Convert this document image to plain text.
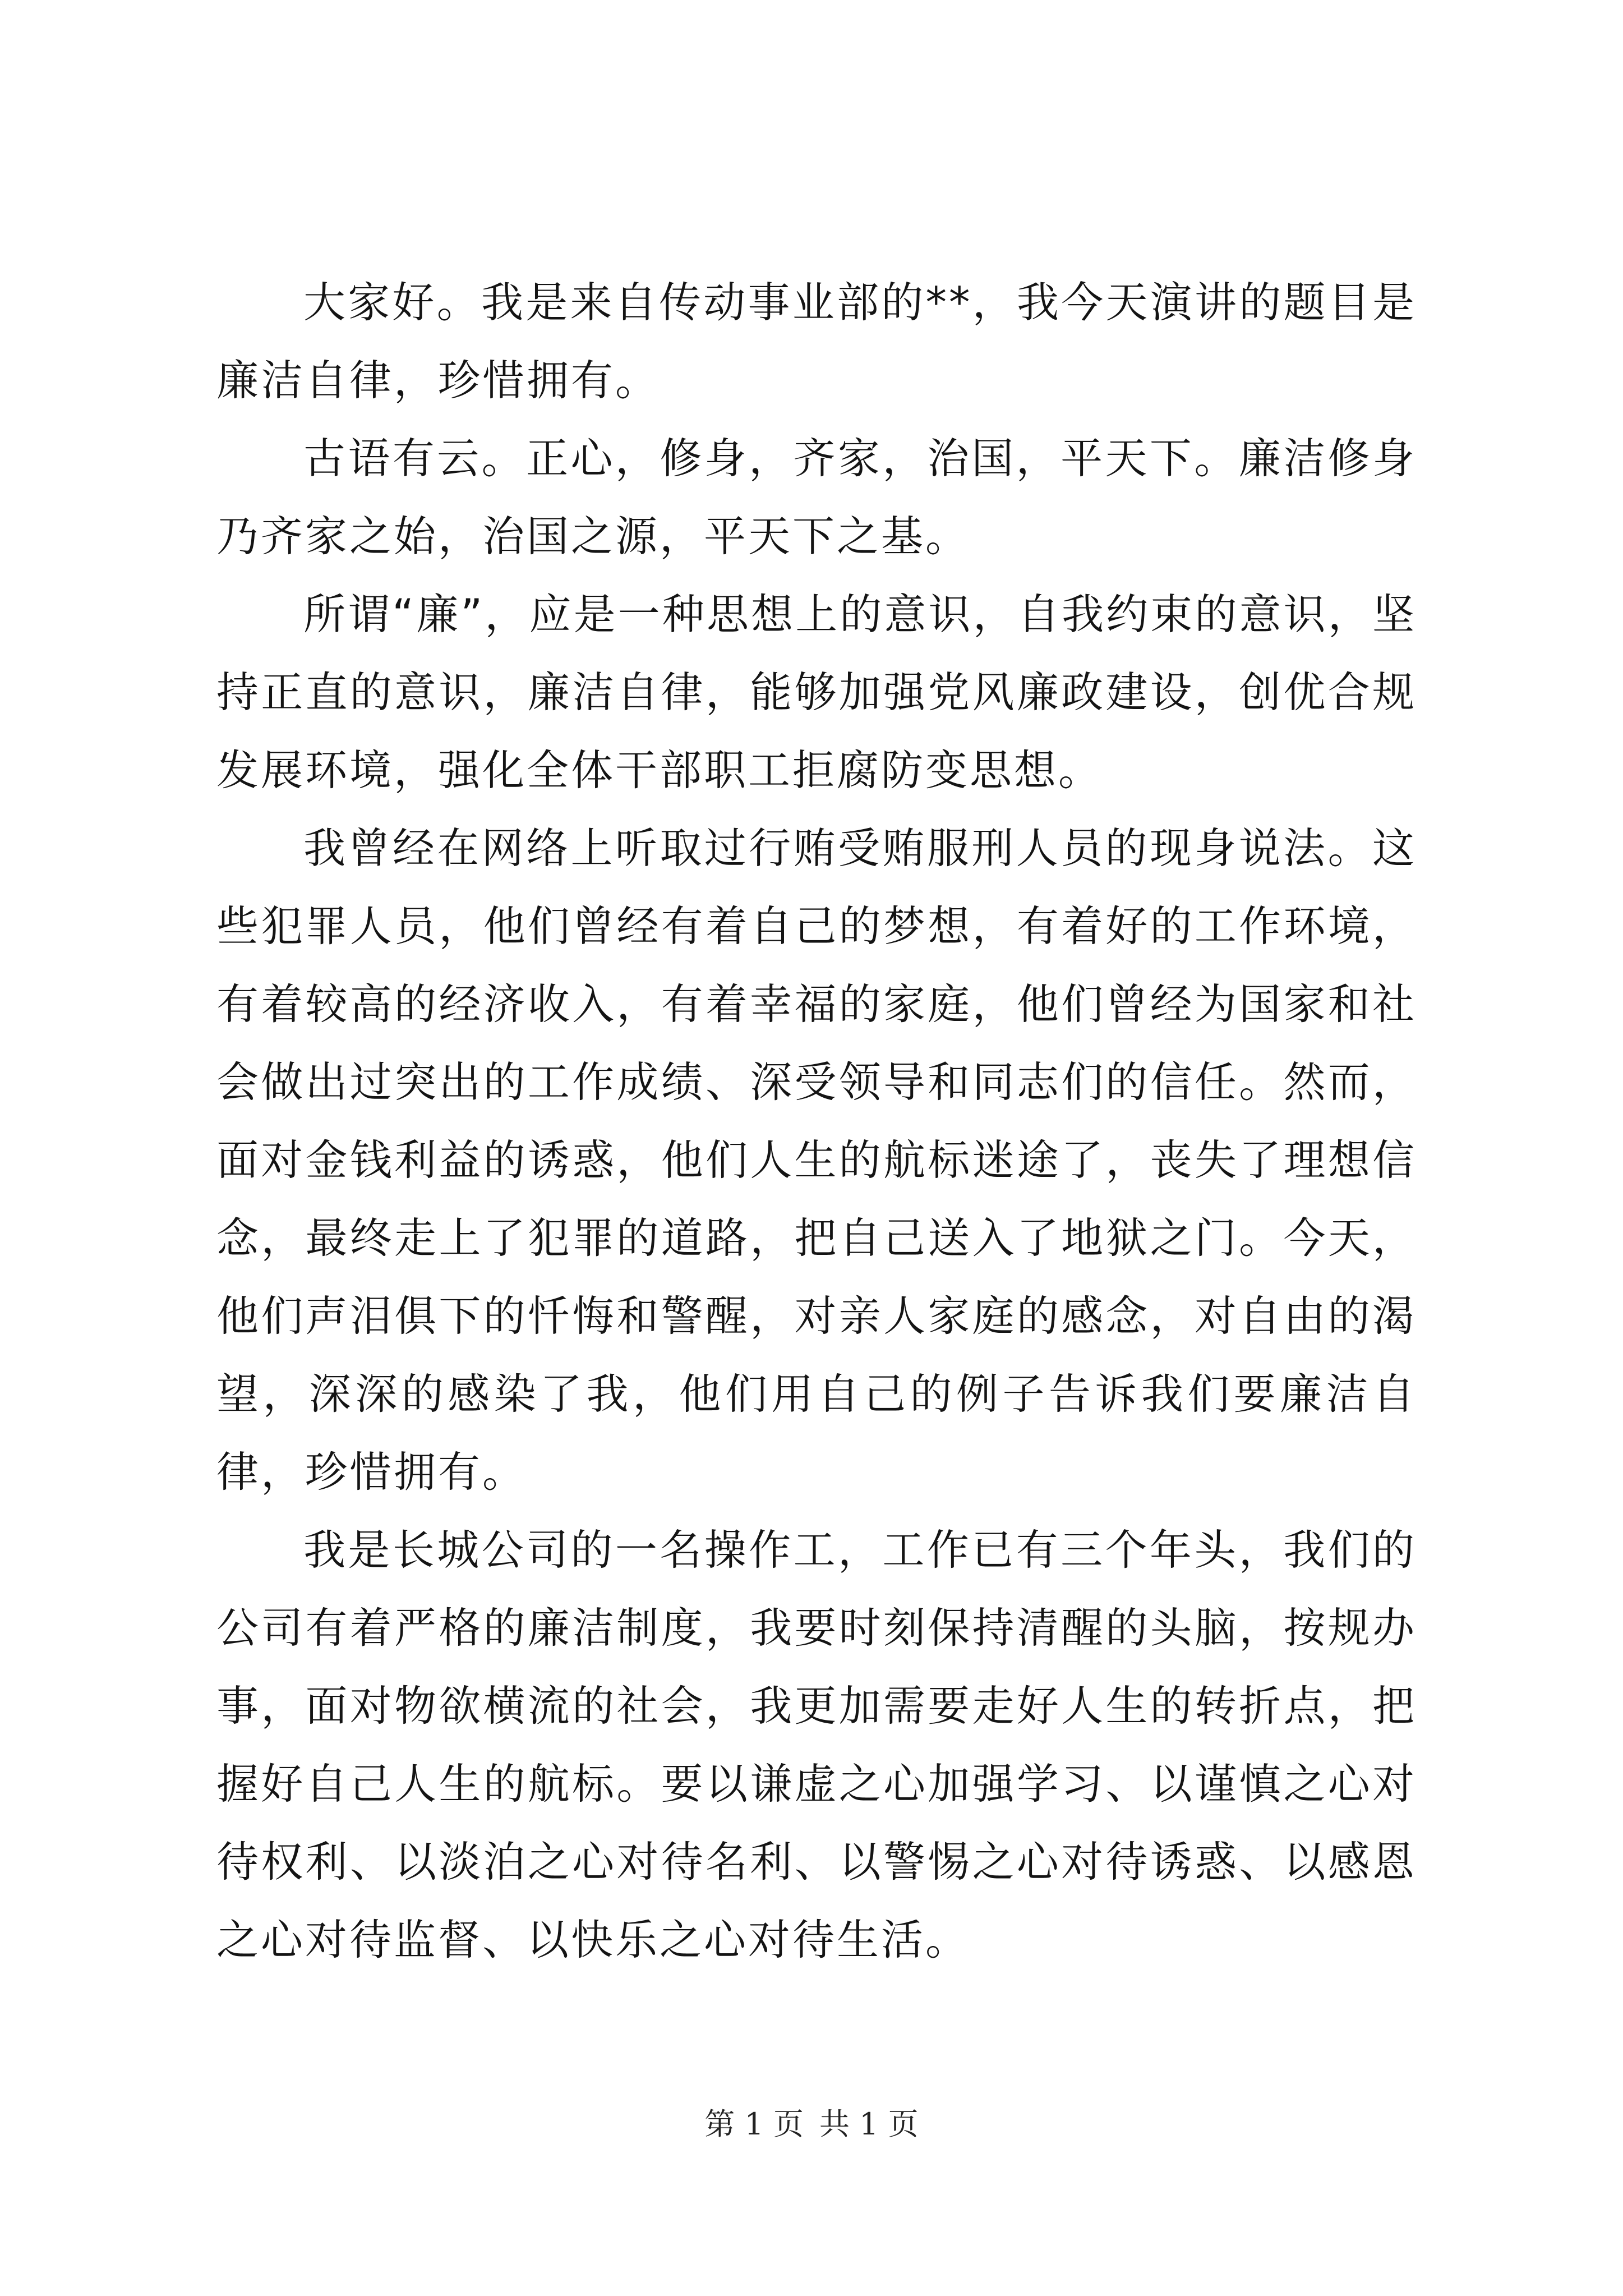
大家好。我是来自传动事业部的**，我今天演讲的题目是廉洁自律，珍惜拥有。

古语有云。正心，修身，齐家，治国，平天下。廉洁修身乃齐家之始，治国之源，平天下之基。

所谓“廉”，应是一种思想上的意识，自我约束的意识，坚持正直的意识，廉洁自律，能够加强党风廉政建设，创优合规发展环境，强化全体干部职工拒腐防变思想。

我曾经在网络上听取过行贿受贿服刑人员的现身说法。这些犯罪人员，他们曾经有着自己的梦想，有着好的工作环境，有着较高的经济收入，有着幸福的家庭，他们曾经为国家和社会做出过突出的工作成绩、深受领导和同志们的信任。然而，面对金钱利益的诱惑，他们人生的航标迷途了，丧失了理想信念，最终走上了犯罪的道路，把自己送入了地狱之门。今天，他们声泪俱下的忏悔和警醒，对亲人家庭的感念，对自由的渴望，深深的感染了我，他们用自己的例子告诉我们要廉洁自律，珍惜拥有。

我是长城公司的一名操作工，工作已有三个年头，我们的公司有着严格的廉洁制度，我要时刻保持清醒的头脑，按规办事，面对物欲横流的社会，我更加需要走好人生的转折点，把握好自己人生的航标。要以谦虚之心加强学习、以谨慎之心对待权利、以淡泊之心对待名利、以警惕之心对待诱惑、以感恩之心对待监督、以快乐之心对待生活。

第 1 页 共 1 页
